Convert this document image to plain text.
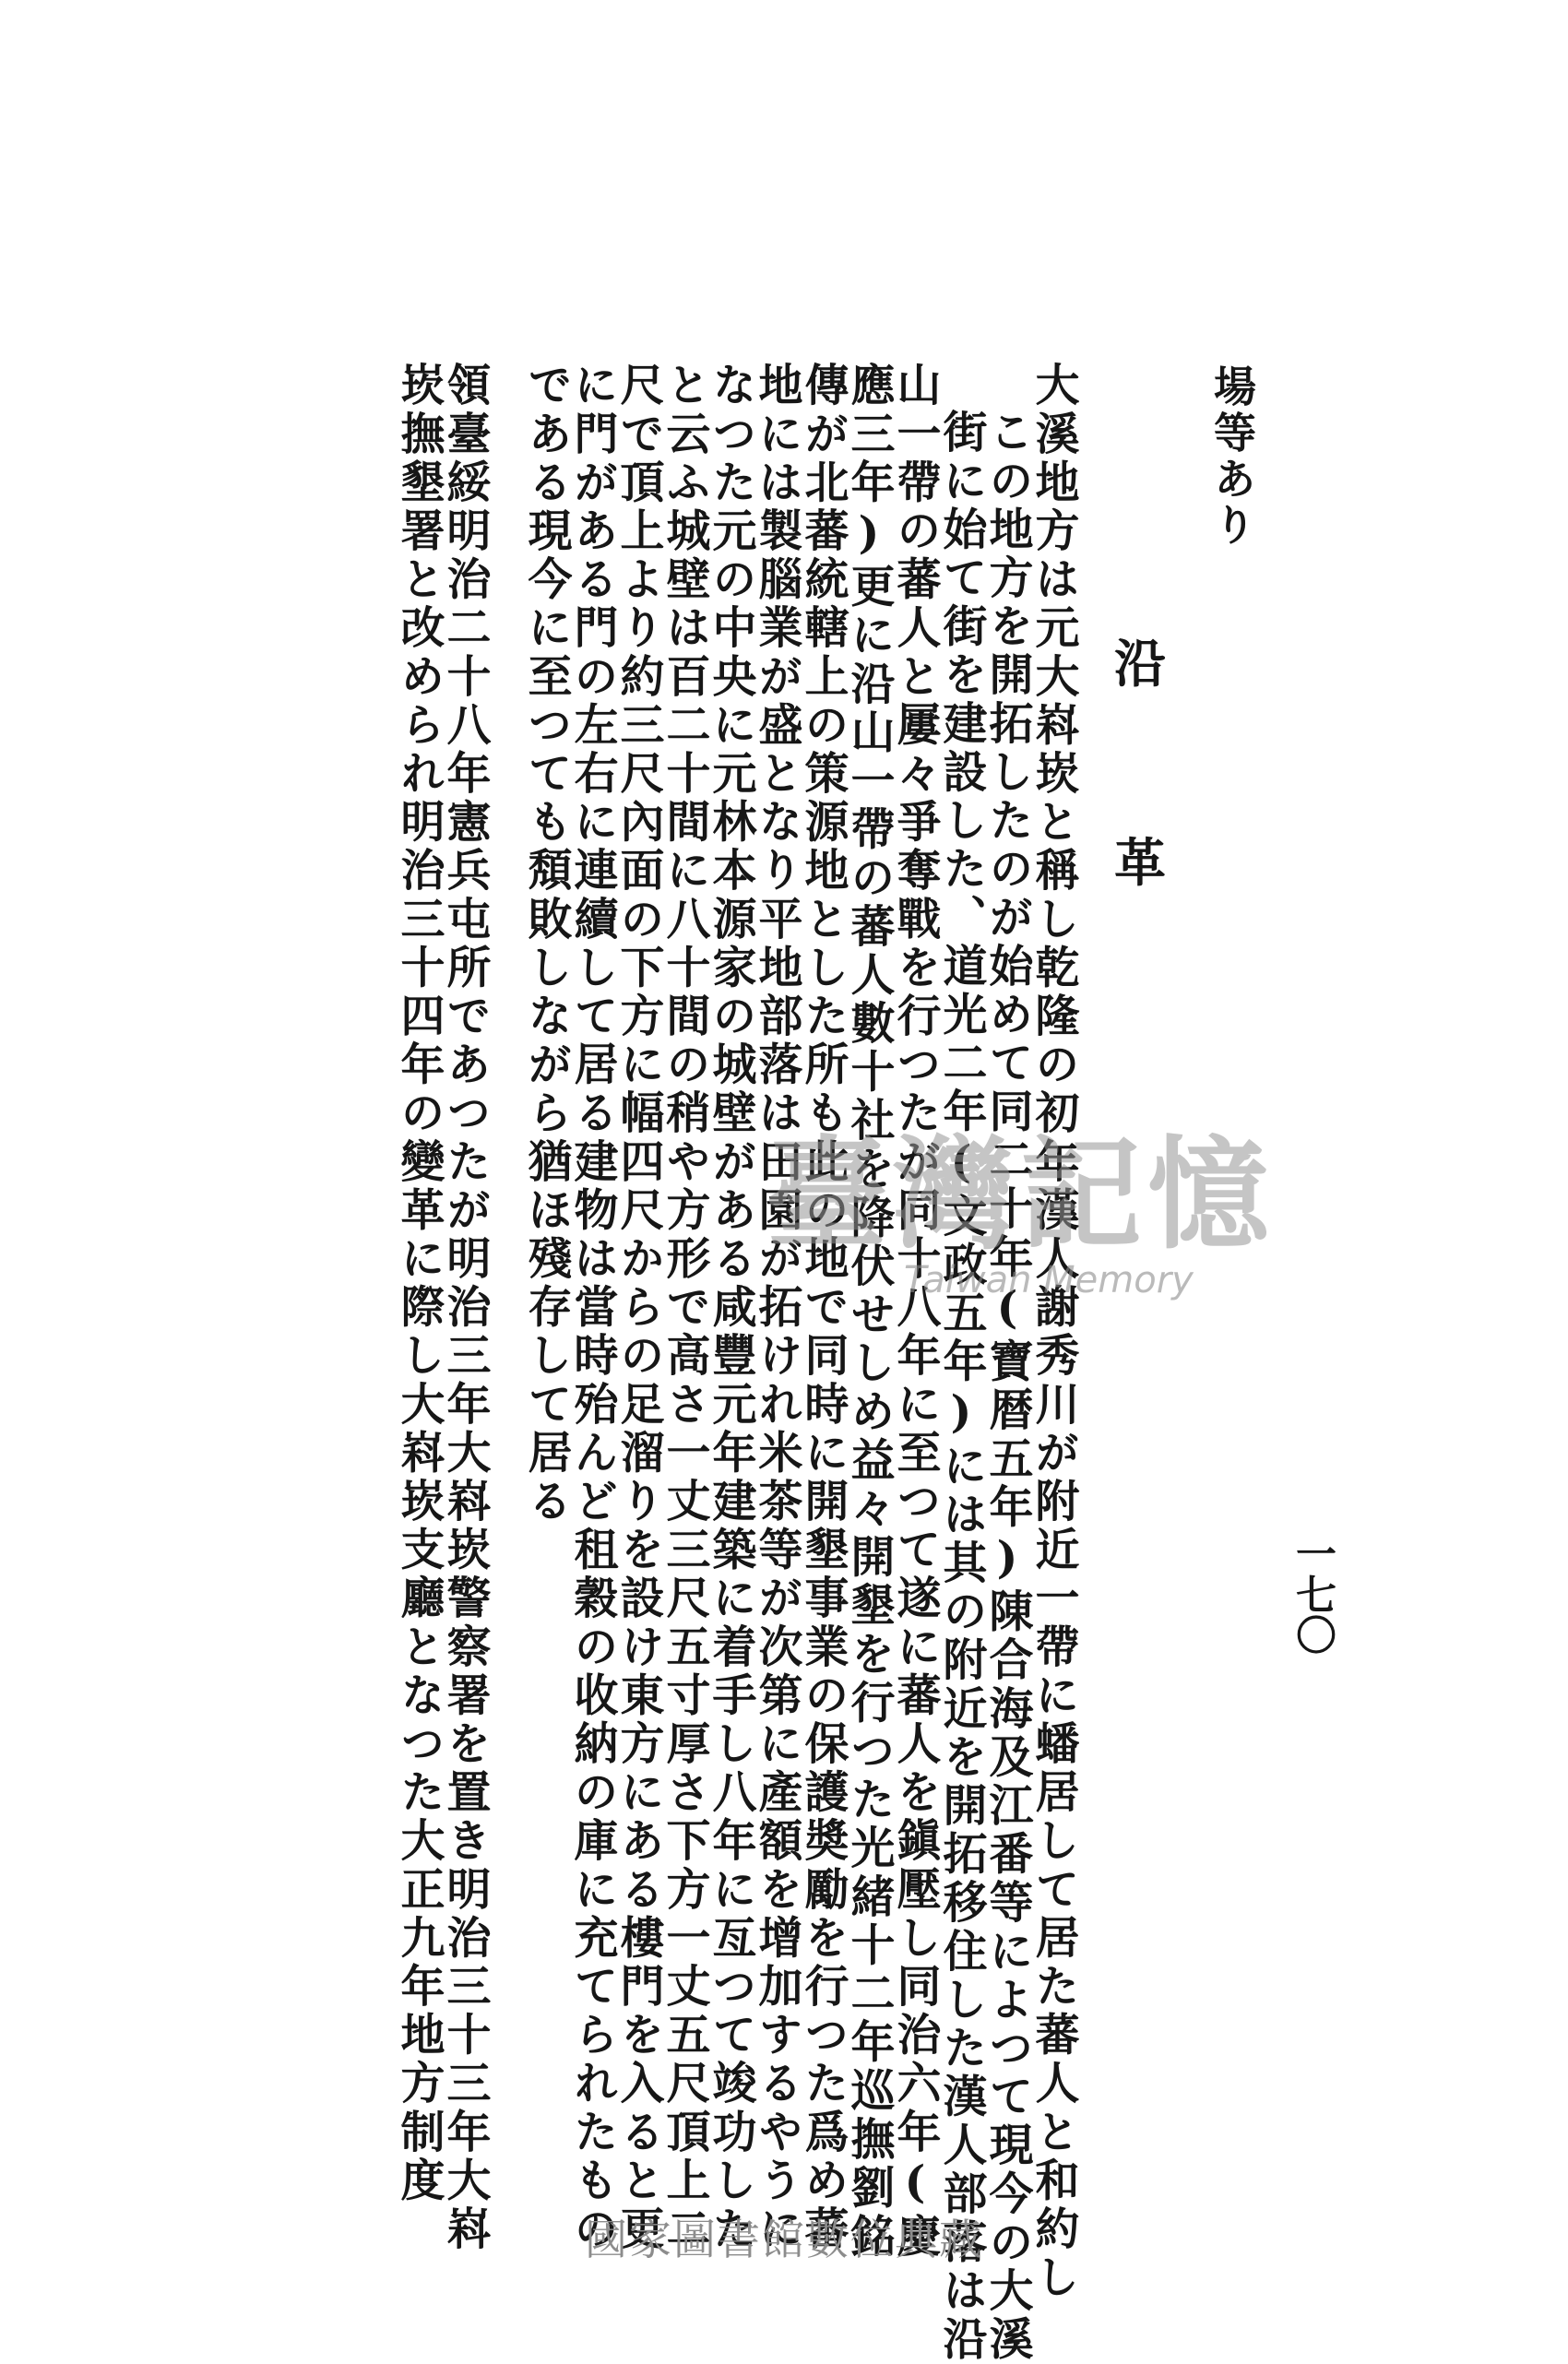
場等あり
沿
革
一七〇
大溪地方は元大嵙崁と稱し乾隆の初年漢人謝秀川が附近一帶に蟠居して居た蕃人と和約し
この地方を開拓したのが始めて同二十年(寶暦五年)陳合海及江番等によつて現今の大溪
街に始て街を建設した、道光二年(文政五年)には其の附近を開拓移住した漢人部落は沿
山一帶の蕃人と屢々爭奪戰を行つたが同十八年に至つて遂に蕃人を鎭壓し同治六年(慶
應三年)更に沿山一帶の蕃人數十社を降伏せしめ益々開墾を行つた光緒十二年巡撫劉銘
傳が北蕃統轄上の策源地とした所も此の地で同時に開墾事業の保護奬勵を行つた爲め蕃
地には製腦業が盛となり平地部落は田園が拓けれ米茶等が次第に產額を增加するやうに
なつた元の中央に元林本源家の城壁がある咸豐元年建築に着手し八年に亙つて竣功した
と云ふ城壁は百二十間に八十間の稍や方形で高さ一丈三尺五寸厚さ下方一丈五尺頂上二
尺で頂上より約三尺內面の下方に幅四尺からの足溜りを設け東方にある樓門を入ると更
に門がある門の左右に連續して居る建物は當時殆んど租穀の收納の庫に充てられたもの
である現今に至つても頽敗しながら猶ほ殘存して居る
領臺綏明治二十八年憲兵屯所であつたが明治三年大嵙崁警察署を置き明治三十三年大嵙
崁撫墾署と改められ明治三十四年の變革に際し大嵙崁支廳となつた大正九年地方制度	臺灣記憶
Taiwan Memory
國家圖書館數位典藏
